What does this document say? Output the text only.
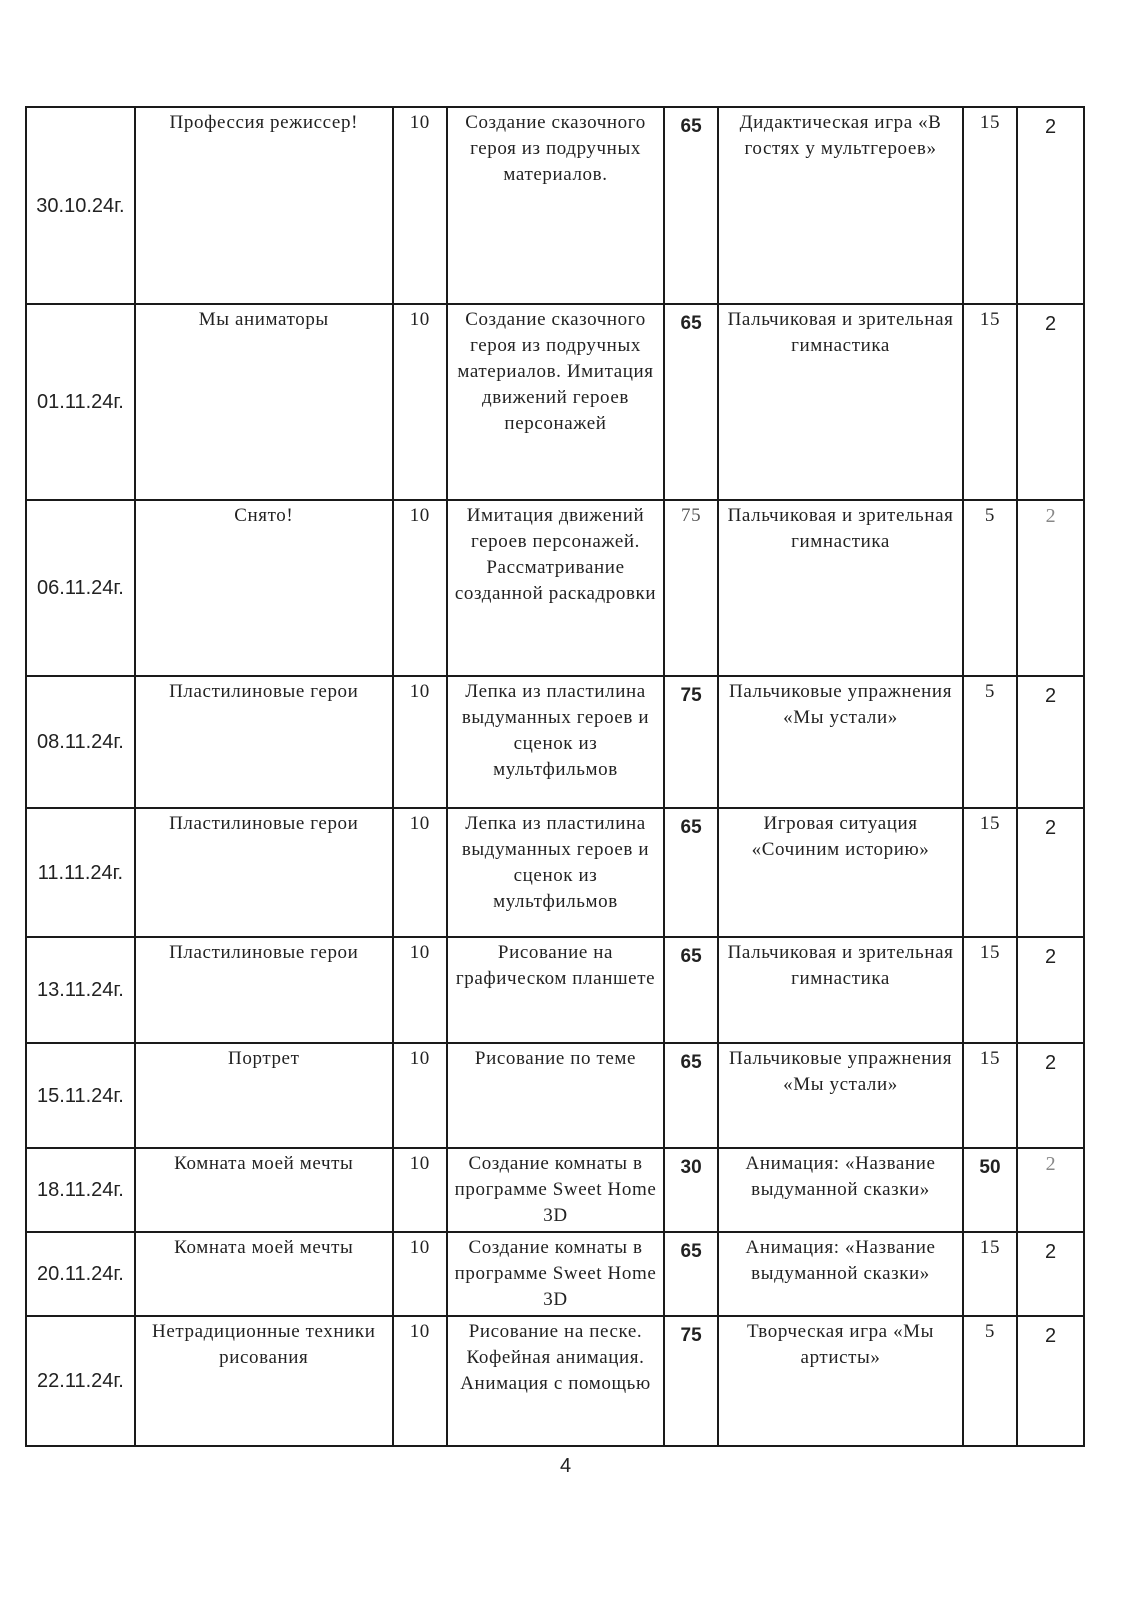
30.10.24г.	Профессия режиссер!	10	Создание сказочного героя из подручных материалов.	65	Дидактическая игра «В гостях у мультгероев»	15	2
01.11.24г.	Мы аниматоры	10	Создание сказочного героя из подручных материалов. Имитация движений героев персонажей	65	Пальчиковая и зрительная гимнастика	15	2
06.11.24г.	Снято!	10	Имитация движений героев персонажей. Рассматривание созданной раскадровки	75	Пальчиковая и зрительная гимнастика	5	2
08.11.24г.	Пластилиновые герои	10	Лепка из пластилина выдуманных героев и сценок из мультфильмов	75	Пальчиковые упражнения «Мы устали»	5	2
11.11.24г.	Пластилиновые герои	10	Лепка из пластилина выдуманных героев и сценок из мультфильмов	65	Игровая ситуация «Сочиним историю»	15	2
13.11.24г.	Пластилиновые герои	10	Рисование на графическом планшете	65	Пальчиковая и зрительная гимнастика	15	2
15.11.24г.	Портрет	10	Рисование по теме	65	Пальчиковые упражнения «Мы устали»	15	2
18.11.24г.	Комната моей мечты	10	Создание комнаты в программе Sweet Home 3D	30	Анимация: «Название выдуманной сказки»	50	2
20.11.24г.	Комната моей мечты	10	Создание комнаты в программе Sweet Home 3D	65	Анимация: «Название выдуманной сказки»	15	2
22.11.24г.	Нетрадиционные техники рисования	10	Рисование на песке. Кофейная анимация. Анимация с помощью	75	Творческая игра «Мы артисты»	5	2
4
